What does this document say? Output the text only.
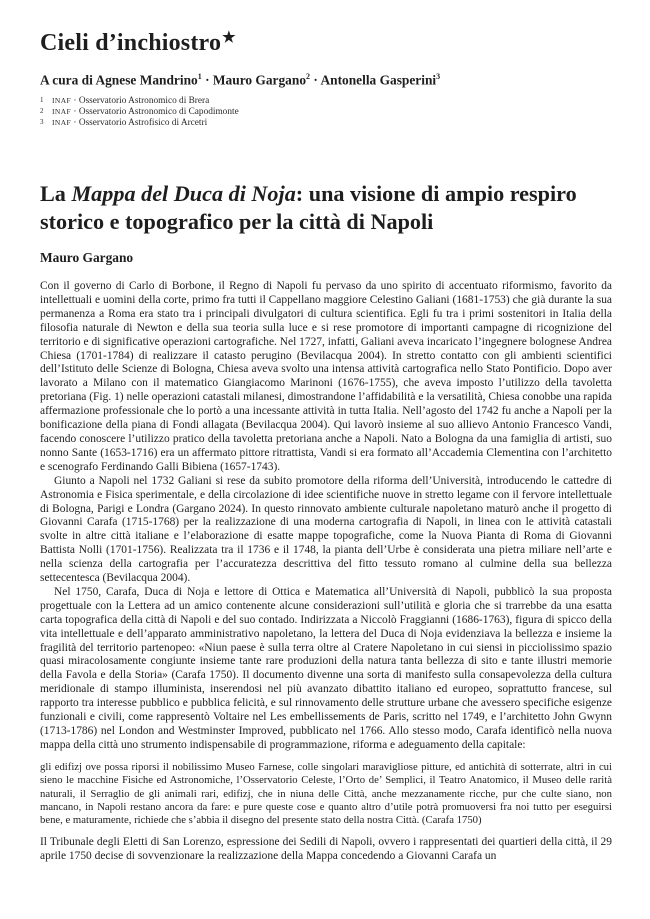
Cieli d’inchiostro★
A cura di Agnese Mandrino$^1$ · Mauro Gargano$^2$ · Antonella Gasperini$^3$
1 INAF · Osservatorio Astronomico di Brera
2 INAF · Osservatorio Astronomico di Capodimonte
3 INAF · Osservatorio Astrofisico di Arcetri
La Mappa del Duca di Noja: una visione di ampio respiro storico e topografico per la città di Napoli
Mauro Gargano

Con il governo di Carlo di Borbone, il Regno di Napoli fu pervaso da uno spirito di accentuato riformismo, favorito da intellettuali e uomini della corte, primo fra tutti il Cappellano maggiore Celestino Galiani (1681-1753) che già durante la sua permanenza a Roma era stato tra i principali divulgatori di cultura scientifica. Egli fu tra i primi sostenitori in Italia della filosofia naturale di Newton e della sua teoria sulla luce e si rese promotore di importanti campagne di ricognizione del territorio e di significative operazioni cartografiche. Nel 1727, infatti, Galiani aveva incaricato l’ingegnere bolognese Andrea Chiesa (1701-1784) di realizzare il catasto perugino (Bevilacqua 2004). In stretto contatto con gli ambienti scientifici dell’Istituto delle Scienze di Bologna, Chiesa aveva svolto una intensa attività cartografica nello Stato Pontificio. Dopo aver lavorato a Milano con il matematico Giangiacomo Marinoni (1676-1755), che aveva imposto l’utilizzo della tavoletta pretoriana (Fig. 1) nelle operazioni catastali milanesi, dimostrandone l’affidabilità e la versatilità, Chiesa conobbe una rapida affermazione professionale che lo portò a una incessante attività in tutta Italia. Nell’agosto del 1742 fu anche a Napoli per la bonificazione della piana di Fondi allagata (Bevilacqua 2004). Qui lavorò insieme al suo allievo Antonio Francesco Vandi, facendo conoscere l’utilizzo pratico della tavoletta pretoriana anche a Napoli. Nato a Bologna da una famiglia di artisti, suo nonno Sante (1653-1716) era un affermato pittore ritrattista, Vandi si era formato all’Accademia Clementina con l’architetto e scenografo Ferdinando Galli Bibiena (1657-1743).

Giunto a Napoli nel 1732 Galiani si rese da subito promotore della riforma dell’Università, introducendo le cattedre di Astronomia e Fisica sperimentale, e della circolazione di idee scientifiche nuove in stretto legame con il fervore intellettuale di Bologna, Parigi e Londra (Gargano 2024). In questo rinnovato ambiente culturale napoletano maturò anche il progetto di Giovanni Carafa (1715-1768) per la realizzazione di una moderna cartografia di Napoli, in linea con le attività catastali svolte in altre città italiane e l’elaborazione di esatte mappe topografiche, come la Nuova Pianta di Roma di Giovanni Battista Nolli (1701-1756). Realizzata tra il 1736 e il 1748, la pianta dell’Urbe è considerata una pietra miliare nell’arte e nella scienza della cartografia per l’accuratezza descrittiva del fitto tessuto romano al culmine della sua bellezza settecentesca (Bevilacqua 2004).

Nel 1750, Carafa, Duca di Noja e lettore di Ottica e Matematica all’Università di Napoli, pubblicò la sua proposta progettuale con la Lettera ad un amico contenente alcune considerazioni sull’utilità e gloria che si trarrebbe da una esatta carta topografica della città di Napoli e del suo contado. Indirizzata a Niccolò Fraggianni (1686-1763), figura di spicco della vita intellettuale e dell’apparato amministrativo napoletano, la lettera del Duca di Noja evidenziava la bellezza e insieme la fragilità del territorio partenopeo: «Niun paese è sulla terra oltre al Cratere Napoletano in cui siensi in picciolissimo spazio quasi miracolosamente congiunte insieme tante rare produzioni della natura tanta bellezza di sito e tante illustri memorie della Favola e della Storia» (Carafa 1750). Il documento divenne una sorta di manifesto sulla consapevolezza della cultura meridionale di stampo illuminista, inserendosi nel più avanzato dibattito italiano ed europeo, soprattutto francese, sul rapporto tra interesse pubblico e pubblica felicità, e sul rinnovamento delle strutture urbane che avessero specifiche esigenze funzionali e civili, come rappresentò Voltaire nel Les embellissements de Paris, scritto nel 1749, e l’architetto John Gwynn (1713-1786) nel London and Westminster Improved, pubblicato nel 1766. Allo stesso modo, Carafa identificò nella nuova mappa della città uno strumento indispensabile di programmazione, riforma e adeguamento della capitale:

gli edifizj ove possa riporsi il nobilissimo Museo Farnese, colle singolari maravigliose pitture, ed antichità di sotterrate, altri in cui sieno le macchine Fisiche ed Astronomiche, l’Osservatorio Celeste, l’Orto de’ Semplici, il Teatro Anatomico, il Museo delle rarità naturali, il Serraglio de gli animali rari, edifizj, che in niuna delle Città, anche mezzanamente ricche, pur che culte siano, non mancano, in Napoli restano ancora da fare: e pure queste cose e quanto altro d’utile potrà promuoversi fra noi tutto per eseguirsi bene, e maturamente, richiede che s’abbia il disegno del presente stato della nostra Città. (Carafa 1750)

Il Tribunale degli Eletti di San Lorenzo, espressione dei Sedili di Napoli, ovvero i rappresentati dei quartieri della città, il 29 aprile 1750 decise di sovvenzionare la realizzazione della Mappa concedendo a Giovanni Carafa un
